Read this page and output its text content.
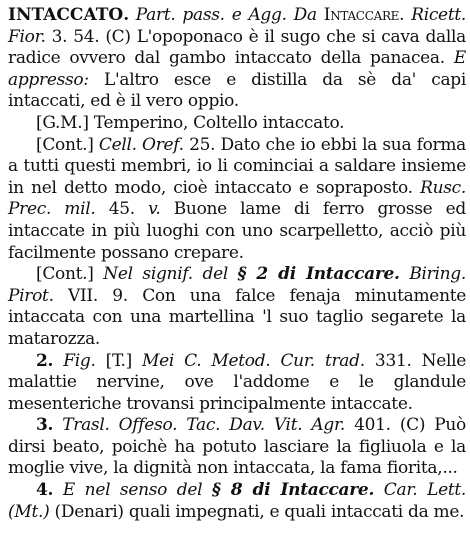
INTACCATO. Part. pass. e Agg. Da Intaccare. Ricett. Fior. 3. 54. (C) L'opoponaco è il sugo che si cava dalla radice ovvero dal gambo intaccato della panacea. E appresso: L'altro esce e distilla da sè da' capi intaccati, ed è il vero oppio.

[G.M.] Temperino, Coltello intaccato.

[Cont.] Cell. Oref. 25. Dato che io ebbi la sua forma a tutti questi membri, io li cominciai a saldare insieme in nel detto modo, cioè intaccato e sopraposto. Rusc. Prec. mil. 45. v. Buone lame di ferro grosse ed intaccate in più luoghi con uno scarpelletto, acciò più facilmente possano crepare.

[Cont.] Nel signif. del § 2 di Intaccare. Biring. Pirot. VII. 9. Con una falce fenaja minutamente intaccata con una martellina 'l suo taglio segarete la matarozza.

2. Fig. [T.] Mei C. Metod. Cur. trad. 331. Nelle malattie nervine, ove l'addome e le glandule mesenteriche trovansi principalmente intaccate.

3. Trasl. Offeso. Tac. Dav. Vit. Agr. 401. (C) Può dirsi beato, poichè ha potuto lasciare la figliuola e la moglie vive, la dignità non intaccata, la fama fiorita,...

4. E nel senso del § 8 di Intaccare. Car. Lett. (Mt.) (Denari) quali impegnati, e quali intaccati da me.
